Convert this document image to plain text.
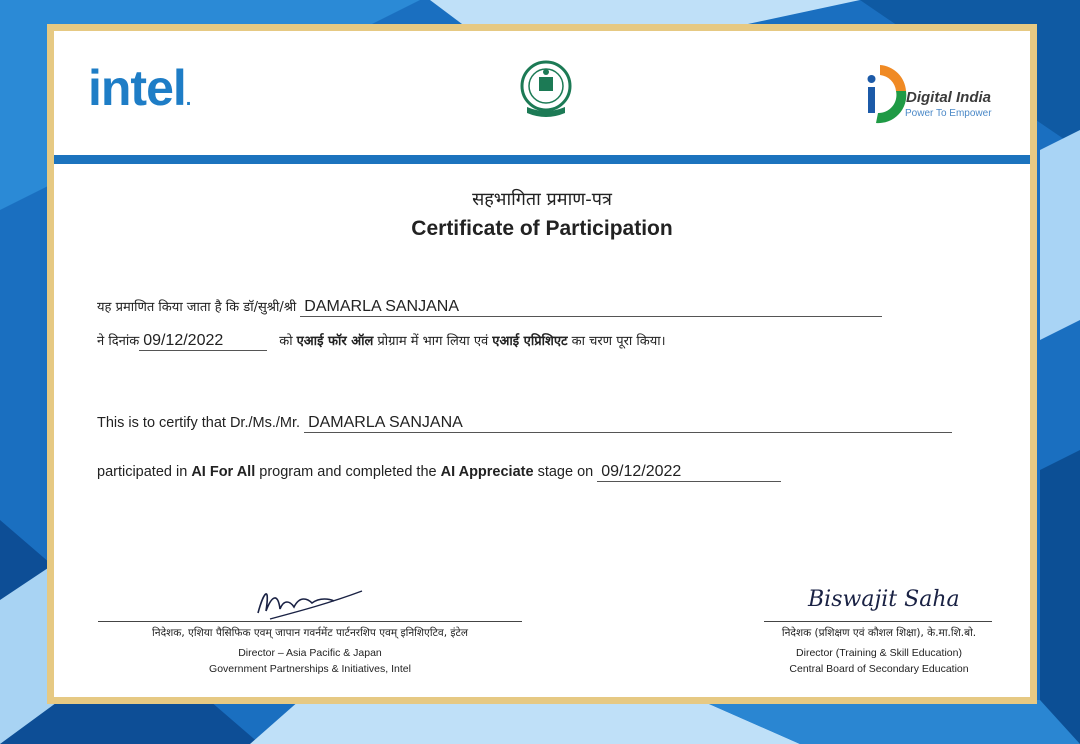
intel.	Digital India
Power To Empower
सहभागिता प्रमाण-पत्र
Certificate of Participation
यह प्रमाणित किया जाता है कि डॉ/सुश्री/श्री DAMARLA SANJANA
ने दिनांक 09/12/2022	को एआई फॉर ऑल प्रोग्राम में भाग लिया एवं एआई एप्रिशिएट का चरण पूरा किया।
This is to certify that Dr./Ms./Mr. DAMARLA SANJANA
participated in AI For All program and completed the AI Appreciate stage on 09/12/2022
निदेशक, एशिया पैसिफिक एवम् जापान गवर्नमेंट पार्टनरशिप एवम् इनिशिएटिव, इंटेल
Director – Asia Pacific & Japan
Government Partnerships & Initiatives, Intel
Biswajit Saha
निदेशक (प्रशिक्षण एवं कौशल शिक्षा), के.मा.शि.बो.
Director (Training & Skill Education)
Central Board of Secondary Education
